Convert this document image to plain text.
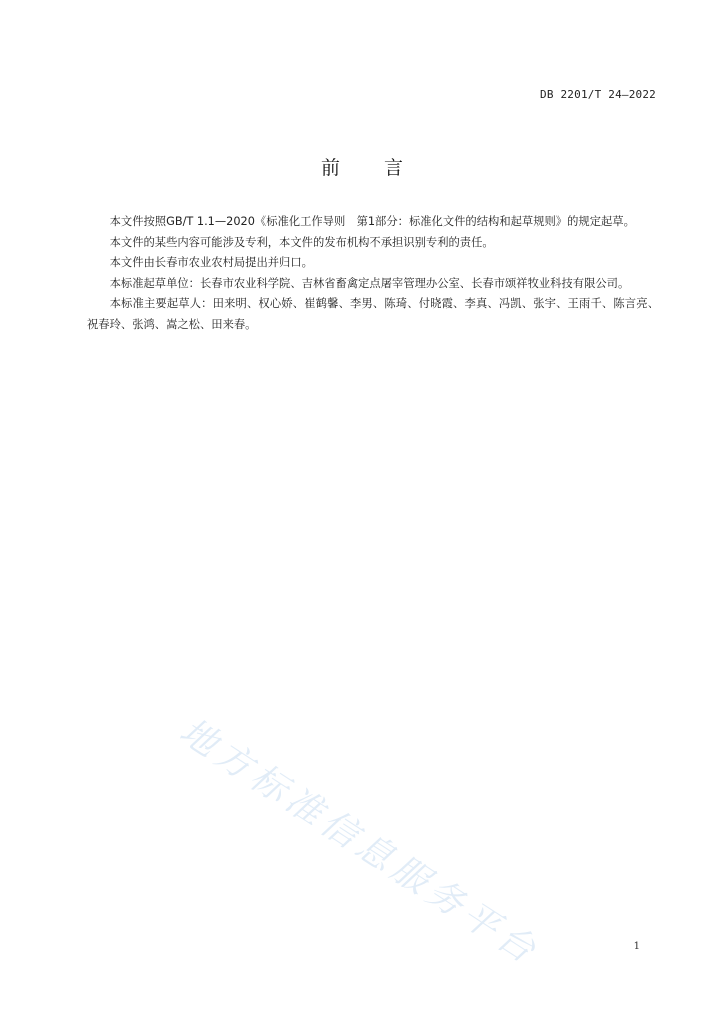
DB 2201/T 24—2022
前言

本文件按照GB/T 1.1—2020《标准化工作导则　第1部分：标准化文件的结构和起草规则》的规定起草。

本文件的某些内容可能涉及专利，本文件的发布机构不承担识别专利的责任。

本文件由长春市农业农村局提出并归口。

本标准起草单位：长春市农业科学院、吉林省畜禽定点屠宰管理办公室、长春市颂祥牧业科技有限公司。

本标准主要起草人：田来明、权心娇、崔鹤馨、李男、陈琦、付晓霞、李真、冯凯、张宇、王雨千、陈言亮、祝春玲、张鸿、嵩之松、田来春。

地方标准信息服务平台	1
